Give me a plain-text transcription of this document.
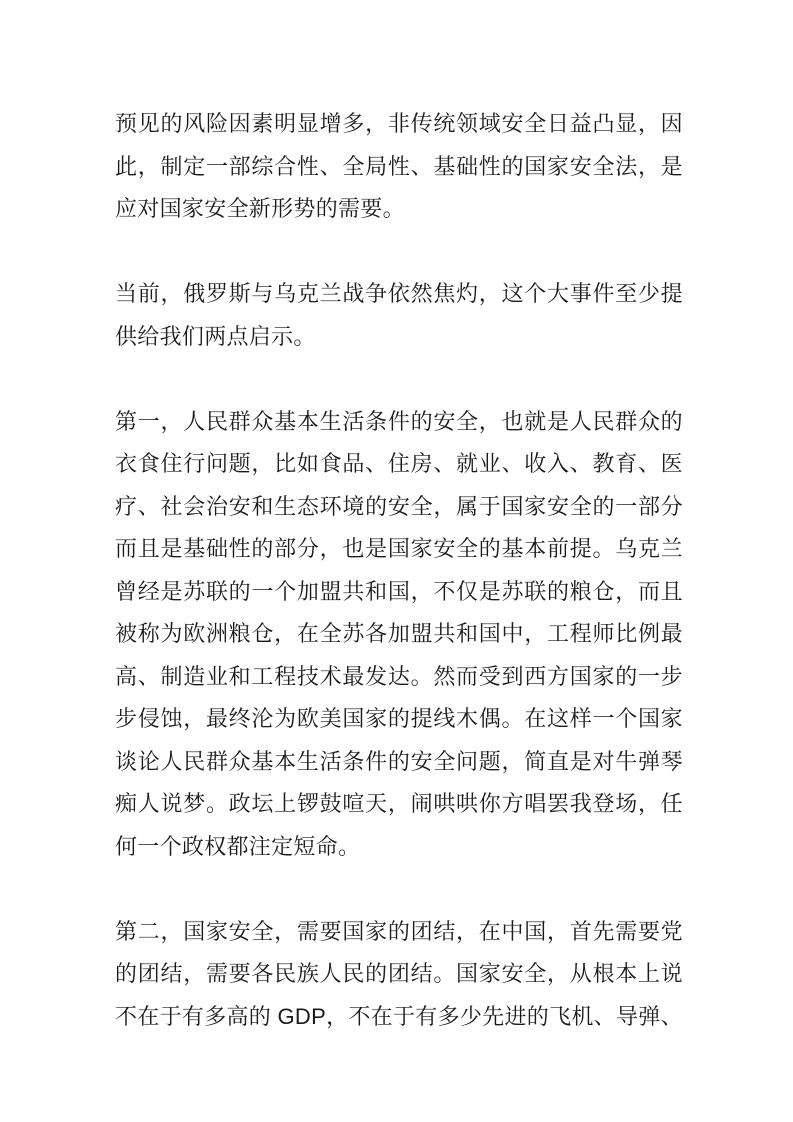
预见的风险因素明显增多，非传统领域安全日益凸显，因此，制定一部综合性、全局性、基础性的国家安全法，是应对国家安全新形势的需要。

当前，俄罗斯与乌克兰战争依然焦灼，这个大事件至少提供给我们两点启示。

第一，人民群众基本生活条件的安全，也就是人民群众的衣食住行问题，比如食品、住房、就业、收入、教育、医疗、社会治安和生态环境的安全，属于国家安全的一部分而且是基础性的部分，也是国家安全的基本前提。乌克兰曾经是苏联的一个加盟共和国，不仅是苏联的粮仓，而且被称为欧洲粮仓，在全苏各加盟共和国中，工程师比例最高、制造业和工程技术最发达。然而受到西方国家的一步步侵蚀，最终沦为欧美国家的提线木偶。在这样一个国家谈论人民群众基本生活条件的安全问题，简直是对牛弹琴痴人说梦。政坛上锣鼓喧天，闹哄哄你方唱罢我登场，任何一个政权都注定短命。

第二，国家安全，需要国家的团结，在中国，首先需要党的团结，需要各民族人民的团结。国家安全，从根本上说不在于有多高的 GDP，不在于有多少先进的飞机、导弹、
